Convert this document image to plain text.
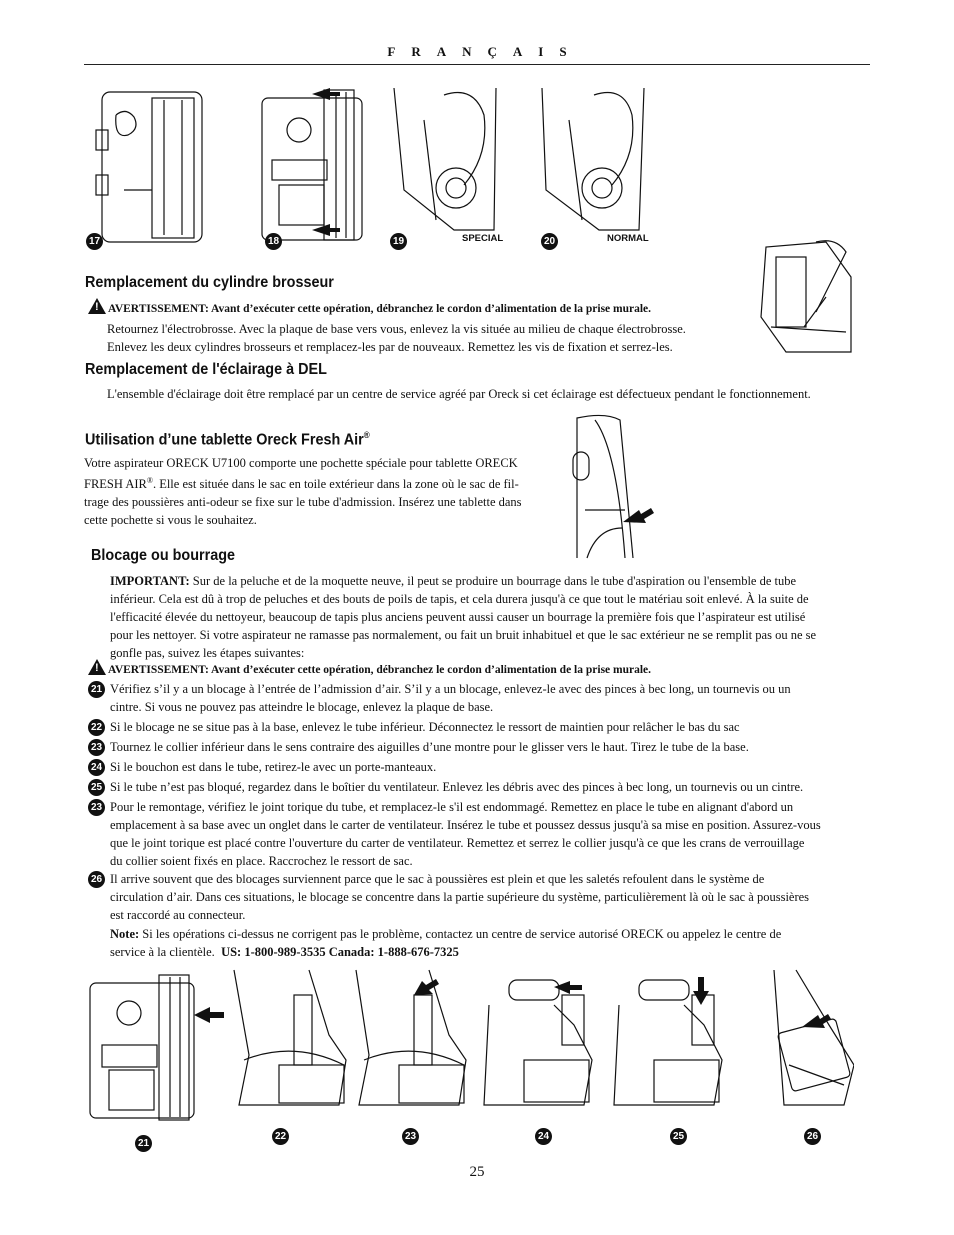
F R A N Ç A I S
17	18	19	SPECIAL	20	NORMAL
Remplacement du cylindre brosseur
!AVERTISSEMENT: Avant d’exécuter cette opération, débranchez le cordon d’alimentation de la prise murale.
Retournez l'électrobrosse. Avec la plaque de base vers vous, enlevez la vis située au milieu de chaque électrobrosse.
Enlevez les deux cylindres brosseurs et remplacez-les par de nouveaux. Remettez les vis de fixation et serrez-les.
Remplacement de l'éclairage à DEL
L'ensemble d'éclairage doit être remplacé par un centre de service agréé par Oreck si cet éclairage est défectueux pendant le fonctionnement.
Utilisation d’une tablette Oreck Fresh Air®
Votre aspirateur ORECK U7100 comporte une pochette spéciale pour tablette ORECK
FRESH AIR®. Elle est située dans le sac en toile extérieur dans la zone où le sac de fil-
trage des poussières anti-odeur se fixe sur le tube d'admission. Insérez une tablette dans
cette pochette si vous le souhaitez.
Blocage ou bourrage
IMPORTANT: Sur de la peluche et de la moquette neuve, il peut se produire un bourrage dans le tube d'aspiration ou l'ensemble de tube
inférieur. Cela est dû à trop de peluches et des bouts de poils de tapis, et cela durera jusqu'à ce que tout le matériau soit enlevé. À la suite de
l'efficacité élevée du nettoyeur, beaucoup de tapis plus anciens peuvent aussi causer un bourrage la première fois que l’aspirateur est utilisé
pour les nettoyer. Si votre aspirateur ne ramasse pas normalement, ou fait un bruit inhabituel et que le sac extérieur ne se remplit pas ou ne se
gonfle pas, suivez les étapes suivantes:
!AVERTISSEMENT: Avant d’exécuter cette opération, débranchez le cordon d’alimentation de la prise murale.
21 Vérifiez s’il y a un blocage à l’entrée de l’admission d’air. S’il y a un blocage, enlevez-le avec des pinces à bec long, un tournevis ou un
cintre. Si vous ne pouvez pas atteindre le blocage, enlevez la plaque de base.
22 Si le blocage ne se situe pas à la base, enlevez le tube inférieur. Déconnectez le ressort de maintien pour relâcher le bas du sac
23 Tournez le collier inférieur dans le sens contraire des aiguilles d’une montre pour le glisser vers le haut. Tirez le tube de la base.
24 Si le bouchon est dans le tube, retirez-le avec un porte-manteaux.
25 Si le tube n’est pas bloqué, regardez dans le boîtier du ventilateur. Enlevez les débris avec des pinces à bec long, un tournevis ou un cintre.
23 Pour le remontage, vérifiez le joint torique du tube, et remplacez-le s'il est endommagé. Remettez en place le tube en alignant d'abord un
emplacement à sa base avec un onglet dans le carter de ventilateur. Insérez le tube et poussez dessus jusqu'à sa mise en position. Assurez-vous
que le joint torique est placé contre l'ouverture du carter de ventilateur. Remettez et serrez le collier jusqu'à ce que les crans de verrouillage
du collier soient fixés en place. Raccrochez le ressort de sac.
26 Il arrive souvent que des blocages surviennent parce que le sac à poussières est plein et que les saletés refoulent dans le système de
circulation d’air. Dans ces situations, le blocage se concentre dans la partie supérieure du système, particulièrement là où le sac à poussières
est raccordé au connecteur.
Note: Si les opérations ci-dessus ne corrigent pas le problème, contactez un centre de service autorisé ORECK ou appelez le centre de
service à la clientèle. US: 1-800-989-3535 Canada: 1-888-676-7325
21
22	23	24	25	26
25
